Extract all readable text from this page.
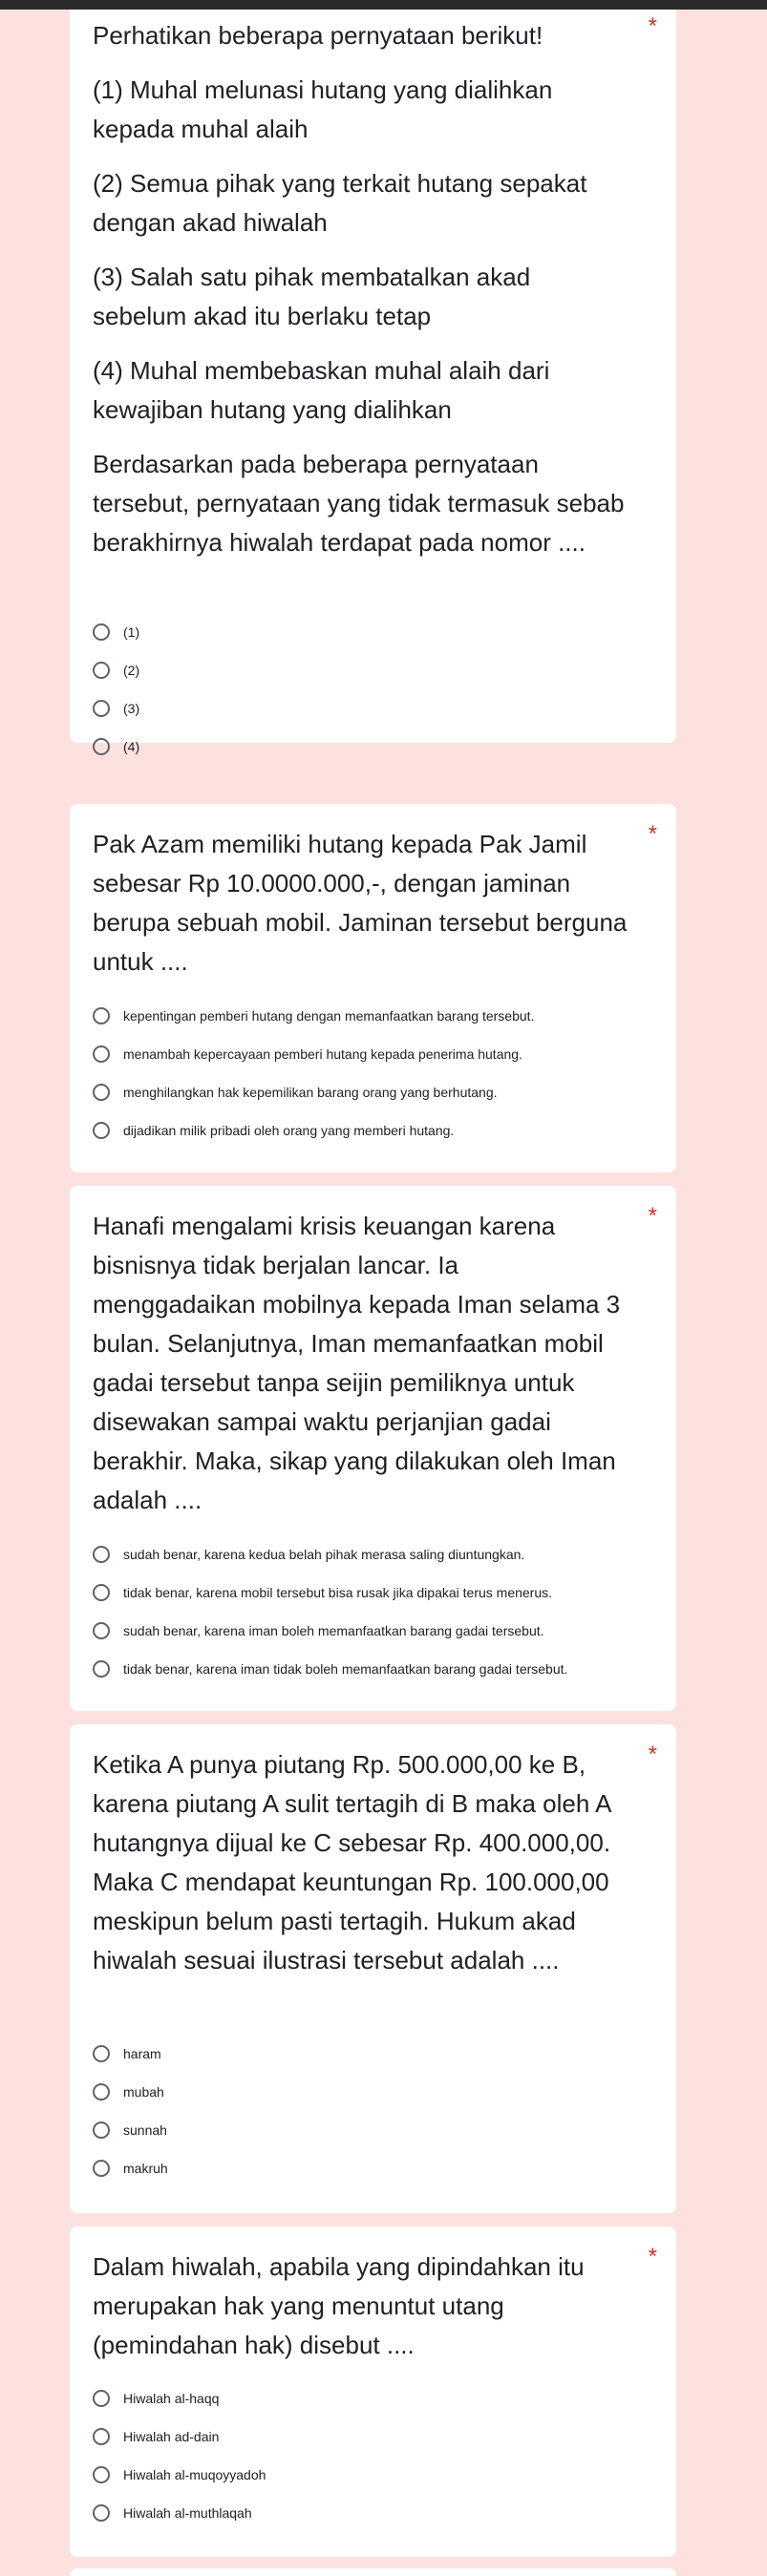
Perhatikan beberapa pernyataan berikut!

(1) Muhal melunasi hutang yang dialihkan kepada muhal alaih

(2) Semua pihak yang terkait hutang sepakat dengan akad hiwalah

(3) Salah satu pihak membatalkan akad sebelum akad itu berlaku tetap

(4) Muhal membebaskan muhal alaih dari kewajiban hutang yang dialihkan

Berdasarkan pada beberapa pernyataan tersebut, pernyataan yang tidak termasuk sebab berakhirnya hiwalah terdapat pada nomor ....

*
(1)
(2)
(3)
(4)

Pak Azam memiliki hutang kepada Pak Jamil sebesar Rp 10.0000.000,-, dengan jaminan berupa sebuah mobil. Jaminan tersebut berguna untuk ....

*
kepentingan pemberi hutang dengan memanfaatkan barang tersebut.
menambah kepercayaan pemberi hutang kepada penerima hutang.
menghilangkan hak kepemilikan barang orang yang berhutang.
dijadikan milik pribadi oleh orang yang memberi hutang.

Hanafi mengalami krisis keuangan karena bisnisnya tidak berjalan lancar. Ia menggadaikan mobilnya kepada Iman selama 3 bulan. Selanjutnya, Iman memanfaatkan mobil gadai tersebut tanpa seijin pemiliknya untuk disewakan sampai waktu perjanjian gadai berakhir. Maka, sikap yang dilakukan oleh Iman adalah ....

*
sudah benar, karena kedua belah pihak merasa saling diuntungkan.
tidak benar, karena mobil tersebut bisa rusak jika dipakai terus menerus.
sudah benar, karena iman boleh memanfaatkan barang gadai tersebut.
tidak benar, karena iman tidak boleh memanfaatkan barang gadai tersebut.

Ketika A punya piutang Rp. 500.000,00 ke B, karena piutang A sulit tertagih di B maka oleh A hutangnya dijual ke C sebesar Rp. 400.000,00. Maka C mendapat keuntungan Rp. 100.000,00 meskipun belum pasti tertagih. Hukum akad hiwalah sesuai ilustrasi tersebut adalah ....

*
haram
mubah
sunnah
makruh

Dalam hiwalah, apabila yang dipindahkan itu merupakan hak yang menuntut utang (pemindahan hak) disebut ....

*
Hiwalah al-haqq
Hiwalah ad-dain
Hiwalah al-muqoyyadoh
Hiwalah al-muthlaqah
